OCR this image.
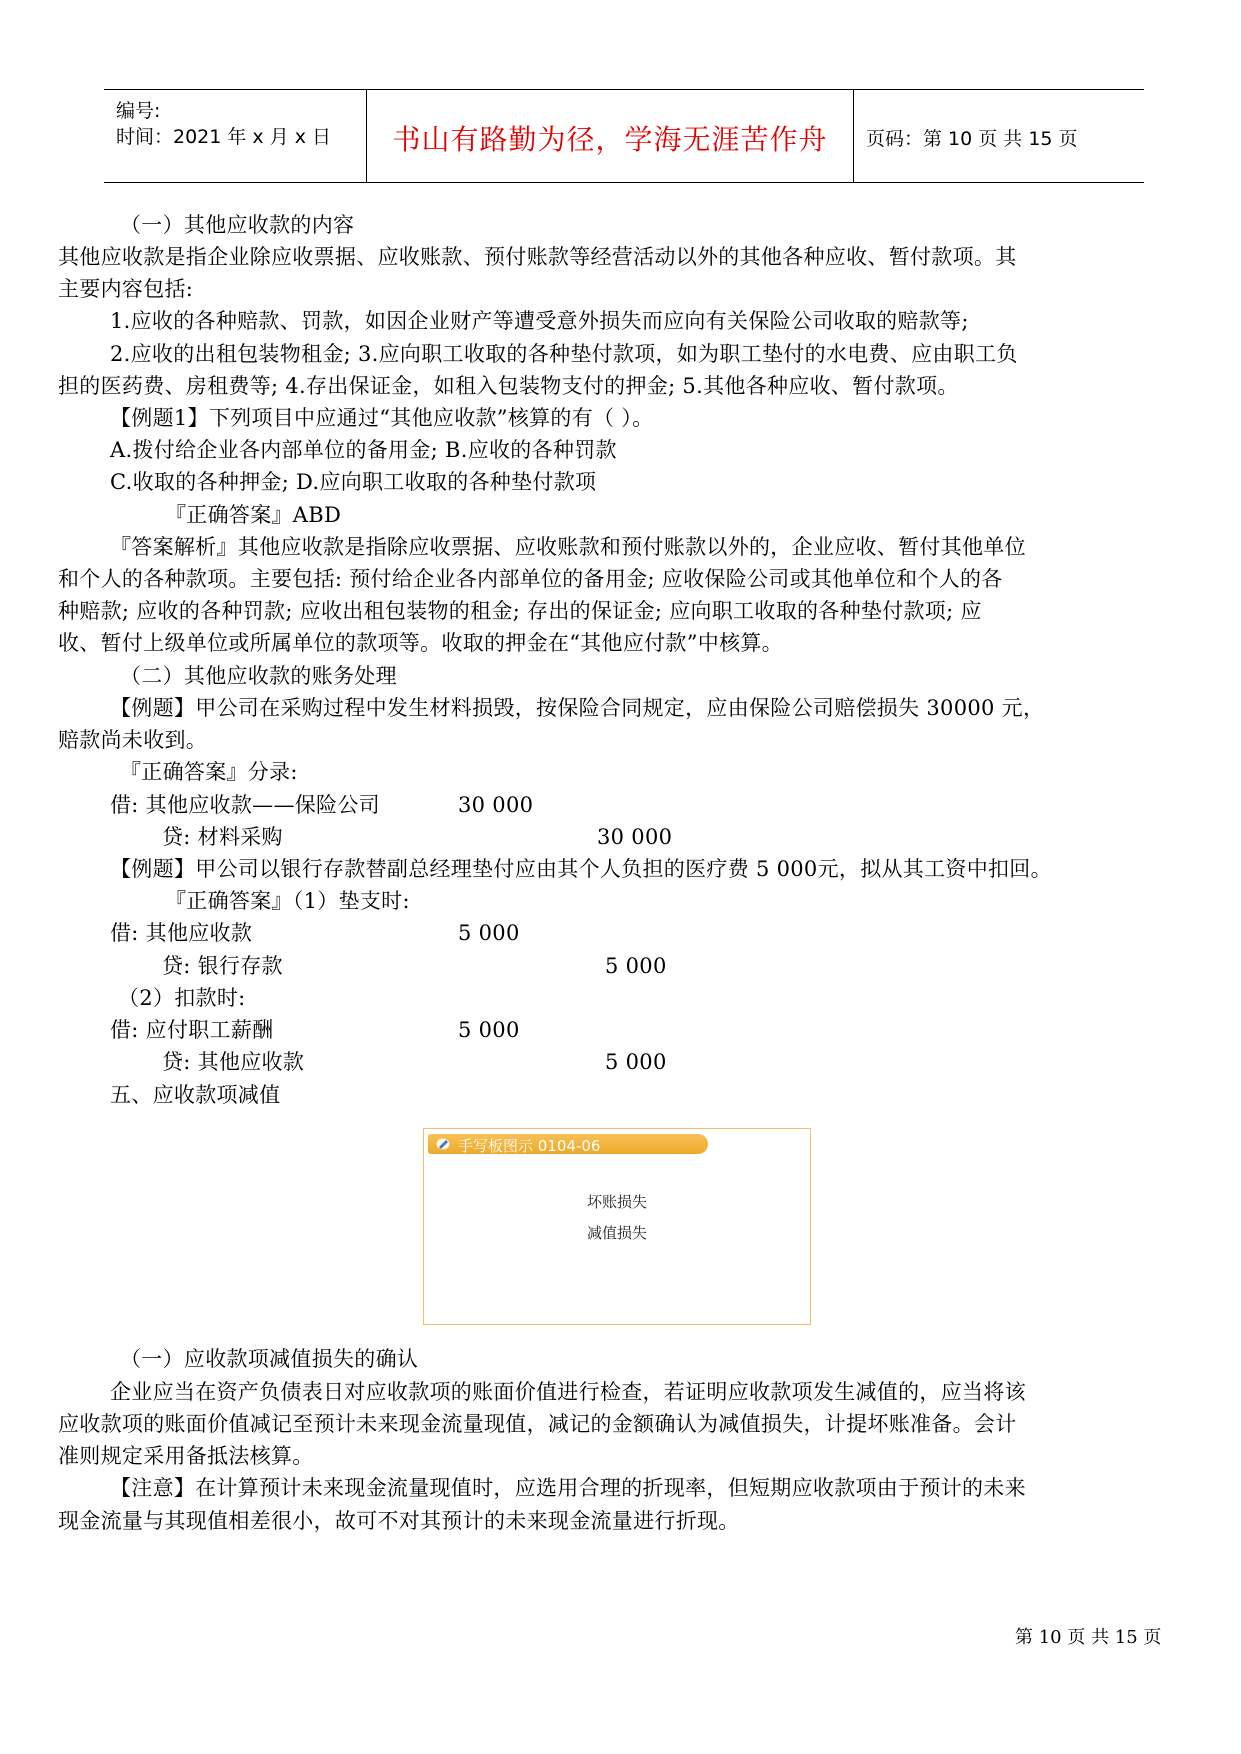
编号:
时间：2021 年 x 月 x 日	书山有路勤为径，学海无涯苦作舟	页码：第 10 页 共 15 页
（一）其他应收款的内容
其他应收款是指企业除应收票据、应收账款、预付账款等经营活动以外的其他各种应收、暂付款项。其
主要内容包括:
1.应收的各种赔款、罚款，如因企业财产等遭受意外损失而应向有关保险公司收取的赔款等;
2.应收的出租包装物租金; 3.应向职工收取的各种垫付款项，如为职工垫付的水电费、应由职工负
担的医药费、房租费等; 4.存出保证金，如租入包装物支付的押金; 5.其他各种应收、暂付款项。
【例题1】下列项目中应通过“其他应收款”核算的有（ ）。
A.拨付给企业各内部单位的备用金; B.应收的各种罚款
C.收取的各种押金; D.应向职工收取的各种垫付款项
『正确答案』ABD
『答案解析』其他应收款是指除应收票据、应收账款和预付账款以外的，企业应收、暂付其他单位
和个人的各种款项。主要包括: 预付给企业各内部单位的备用金; 应收保险公司或其他单位和个人的各
种赔款; 应收的各种罚款; 应收出租包装物的租金; 存出的保证金; 应向职工收取的各种垫付款项; 应
收、暂付上级单位或所属单位的款项等。收取的押金在“其他应付款”中核算。
（二）其他应收款的账务处理
【例题】甲公司在采购过程中发生材料损毁，按保险合同规定，应由保险公司赔偿损失 30000 元，
赔款尚未收到。
『正确答案』分录:
借: 其他应收款——保险公司	30 000
贷: 材料采购	30 000
【例题】甲公司以银行存款替副总经理垫付应由其个人负担的医疗费 5 000元，拟从其工资中扣回。
『正确答案』（1）垫支时:
借: 其他应收款	5 000
贷: 银行存款	5 000
（2）扣款时:
借: 应付职工薪酬	5 000
贷: 其他应收款	5 000
五、应收款项减值
（一）应收款项减值损失的确认
企业应当在资产负债表日对应收款项的账面价值进行检查，若证明应收款项发生减值的，应当将该
应收款项的账面价值减记至预计未来现金流量现值，减记的金额确认为减值损失，计提坏账准备。会计
准则规定采用备抵法核算。
【注意】在计算预计未来现金流量现值时，应选用合理的折现率，但短期应收款项由于预计的未来
现金流量与其现值相差很小，故可不对其预计的未来现金流量进行折现。
手写板图示 0104-06
坏账损失
减值损失
第 10 页 共 15 页
